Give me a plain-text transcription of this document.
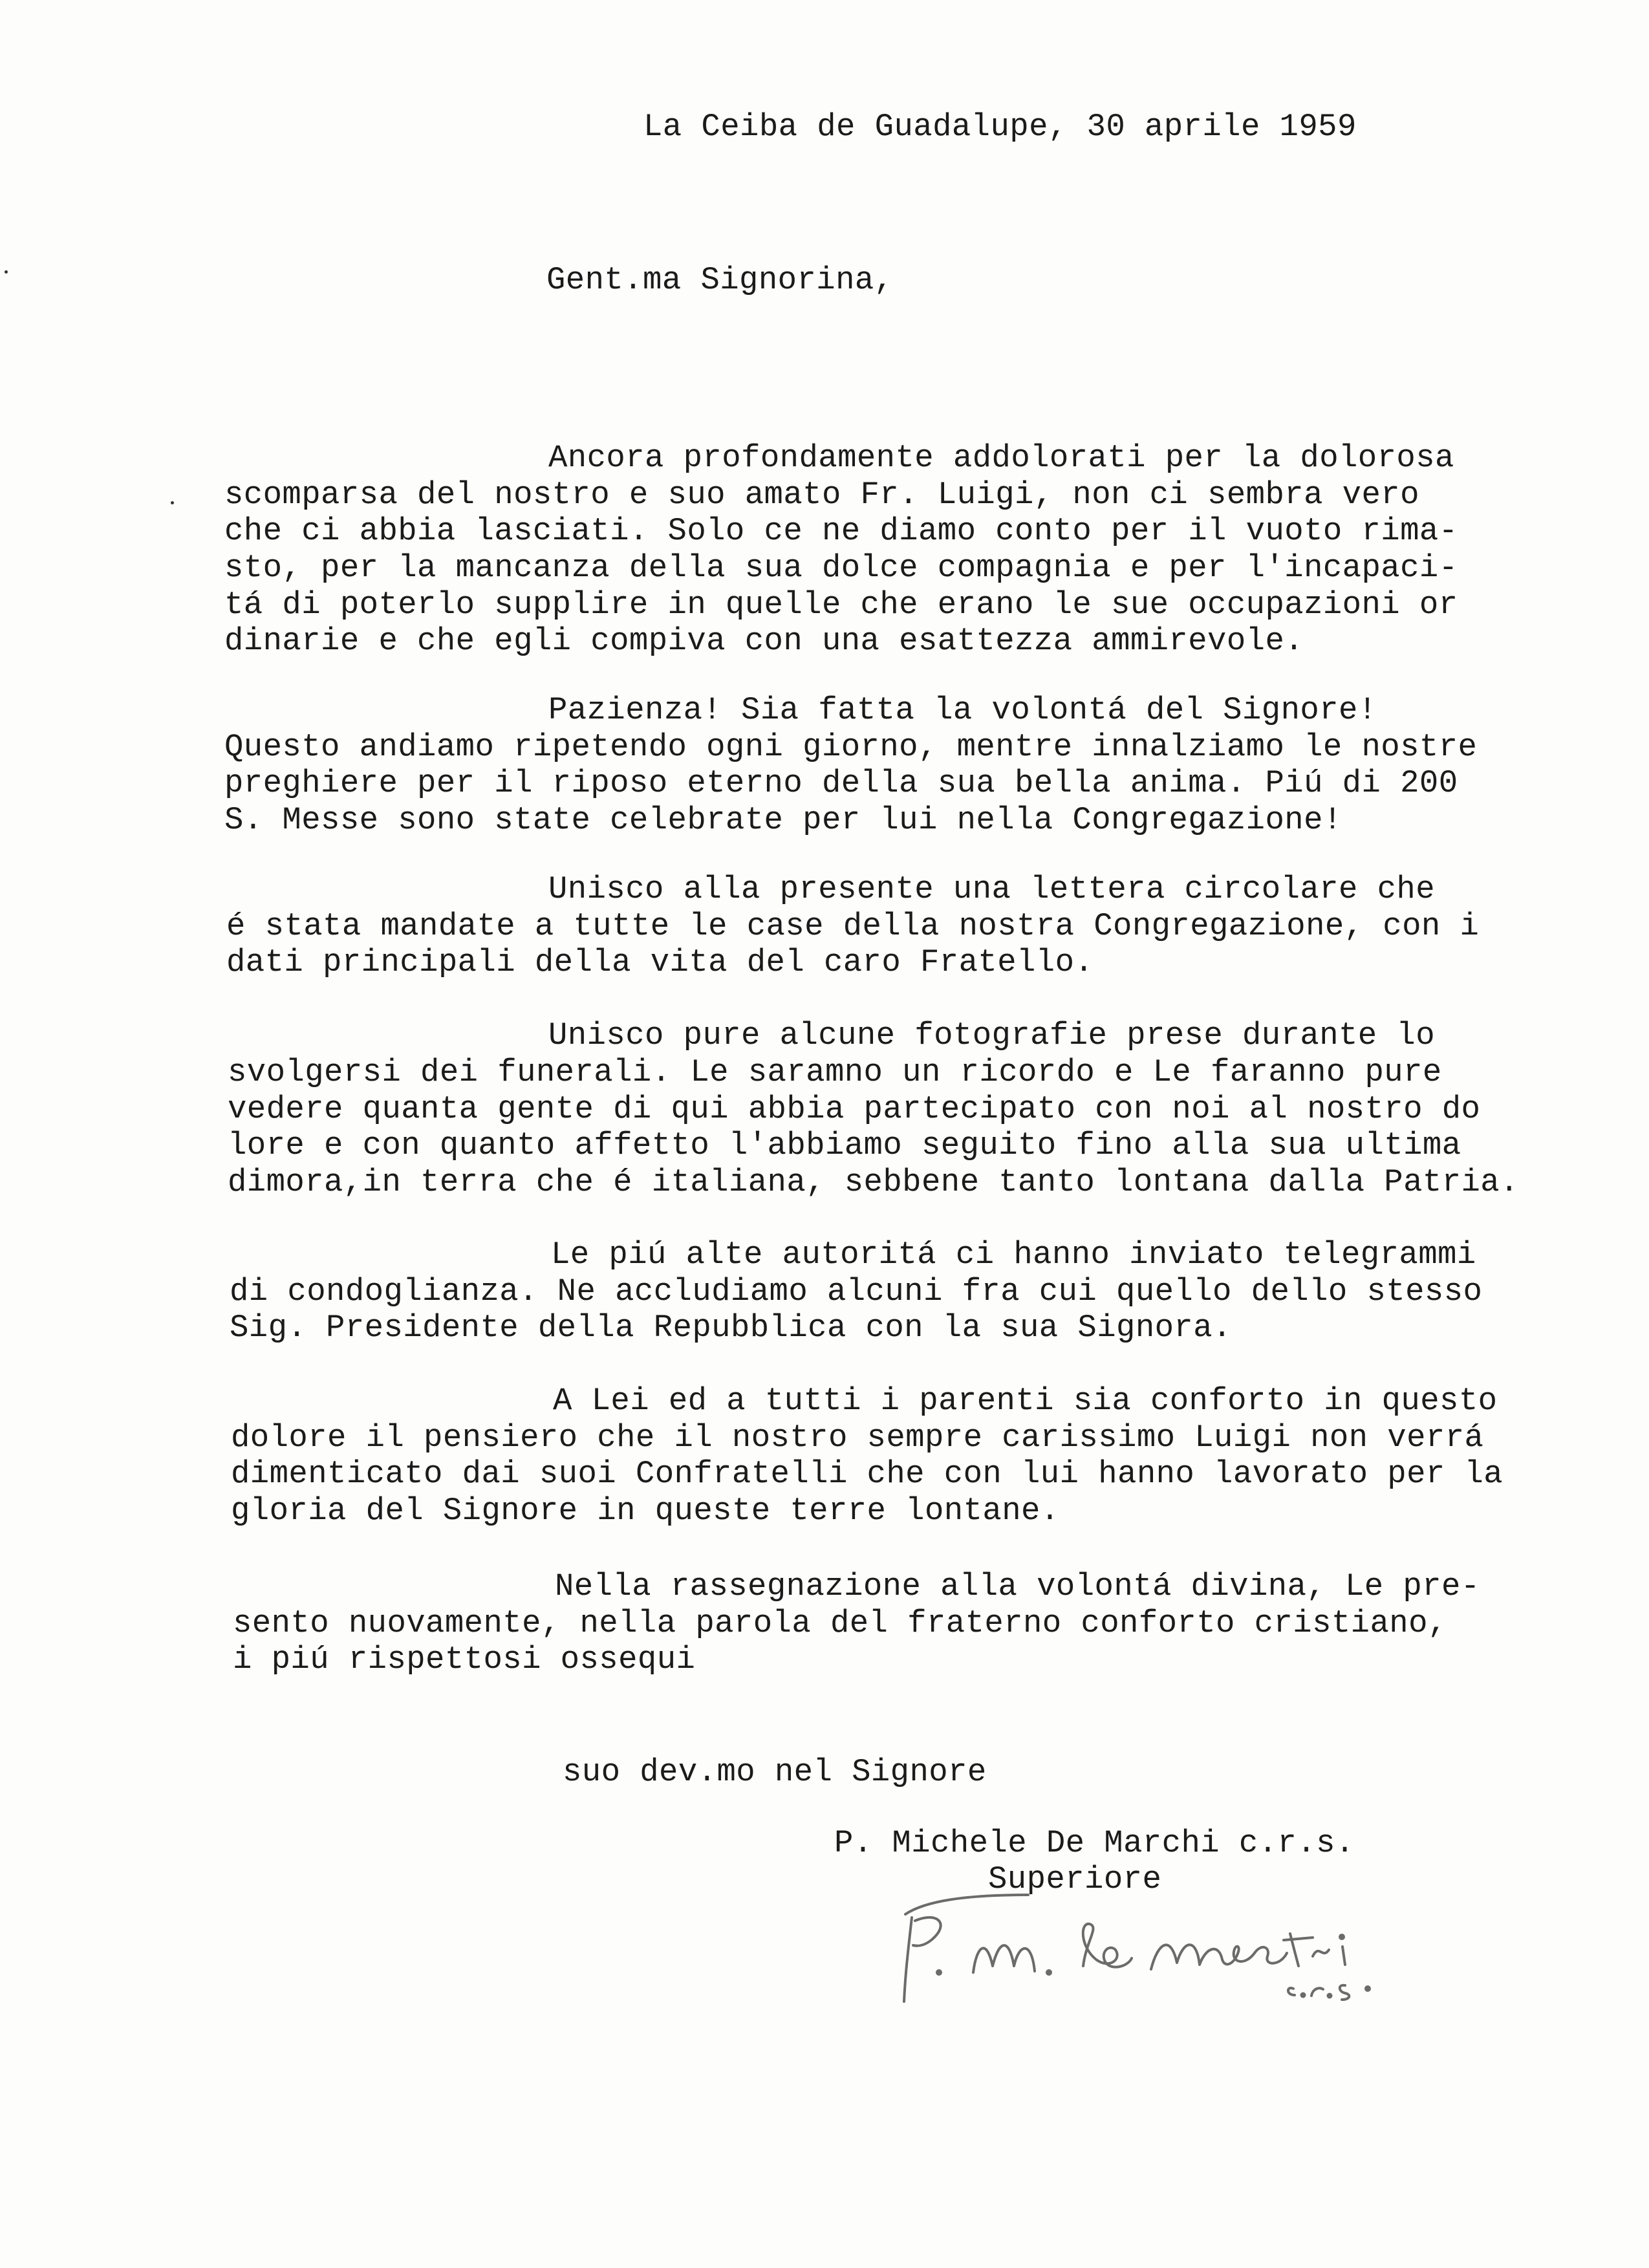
La Ceiba de Guadalupe, 30 aprile 1959
Gent.ma Signorina,
Ancora profondamente addolorati per la dolorosa
scomparsa del nostro e suo amato Fr. Luigi, non ci sembra vero
che ci abbia lasciati. Solo ce ne diamo conto per il vuoto rima-
sto, per la mancanza della sua dolce compagnia e per l'incapaci-
tá di poterlo supplire in quelle che erano le sue occupazioni or
dinarie e che egli compiva con una esattezza ammirevole.
Pazienza! Sia fatta la volontá del Signore!
Questo andiamo ripetendo ogni giorno, mentre innalziamo le nostre
preghiere per il riposo eterno della sua bella anima. Piú di 200
S. Messe sono state celebrate per lui nella Congregazione!
Unisco alla presente una lettera circolare che
é stata mandate a tutte le case della nostra Congregazione, con i
dati principali della vita del caro Fratello.
Unisco pure alcune fotografie prese durante lo
svolgersi dei funerali. Le saramno un ricordo e Le faranno pure
vedere quanta gente di qui abbia partecipato con noi al nostro do
lore e con quanto affetto l'abbiamo seguito fino alla sua ultima
dimora,in terra che é italiana, sebbene tanto lontana dalla Patria.
Le piú alte autoritá ci hanno inviato telegrammi
di condoglianza. Ne accludiamo alcuni fra cui quello dello stesso
Sig. Presidente della Repubblica con la sua Signora.
A Lei ed a tutti i parenti sia conforto in questo
dolore il pensiero che il nostro sempre carissimo Luigi non verrá
dimenticato dai suoi Confratelli che con lui hanno lavorato per la
gloria del Signore in queste terre lontane.
Nella rassegnazione alla volontá divina, Le pre-
sento nuovamente, nella parola del fraterno conforto cristiano,
i piú rispettosi ossequi
suo dev.mo nel Signore
P. Michele De Marchi c.r.s.
Superiore
